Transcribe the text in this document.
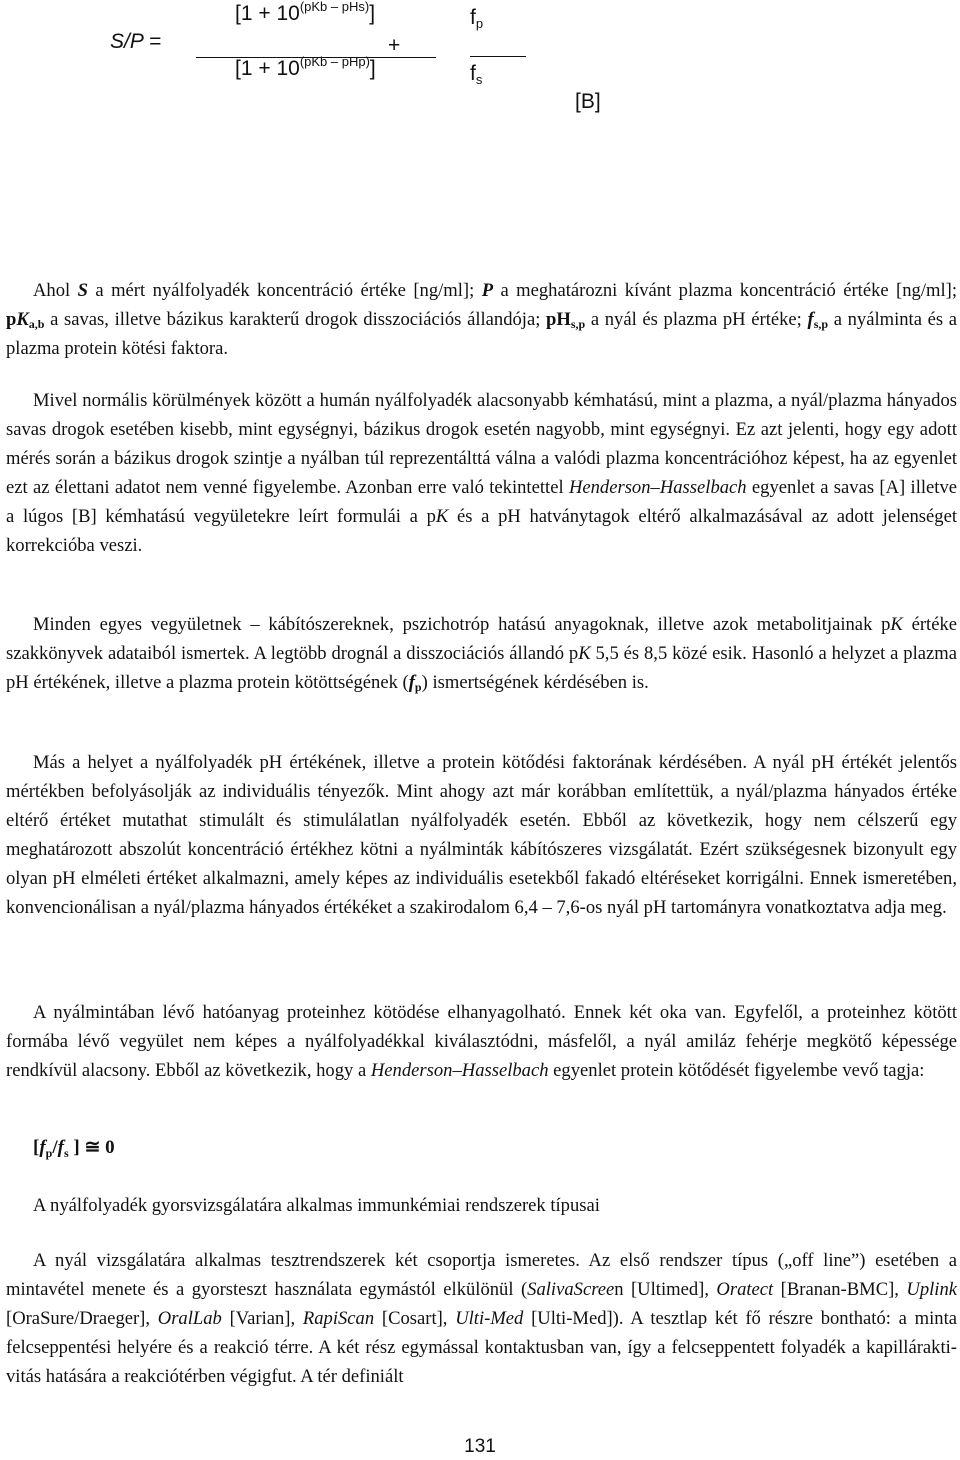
S/P =
$[1 + 10^{(pKb - pHs)}]$
+
$[1 + 10^{(pKb - pHp)}]$
$f_p$
$f_s$
[B]

Ahol S a mért nyálfolyadék koncentráció értéke [ng/ml]; P a meghatározni kívánt plazma koncentráció értéke [ng/ml]; $pK_{a,b}$ a savas, illetve bázikus karakterű drogok disszociációs állandója; $pH_{s,p}$ a nyál és plazma pH értéke; $f_{s,p}$ a nyálminta és a plazma protein kötési faktora.

Mivel normális körülmények között a humán nyálfolyadék alacsonyabb kémhatású, mint a plazma, a nyál/plazma hányados savas drogok esetében kisebb, mint egységnyi, bázikus drogok esetén nagyobb, mint egységnyi. Ez azt jelenti, hogy egy adott mérés során a bázikus drogok szintje a nyálban túl reprezentálttá válna a valódi plazma koncentrációhoz képest, ha az egyenlet ezt az élettani adatot nem venné figyelembe. Azonban erre való tekintettel Henderson–Hasselbach egyenlet a savas [A] illetve a lúgos [B] kémhatású vegyületekre leírt formulái a pK és a pH hatványtagok eltérő alkalmazásával az adott jelenséget korrekcióba veszi.

Minden egyes vegyületnek – kábítószereknek, pszichotróp hatású anyagoknak, illetve azok metabolitjainak pK értéke szakkönyvek adataiból ismertek. A legtöbb drognál a disszociációs állandó pK 5,5 és 8,5 közé esik. Hasonló a helyzet a plazma pH értékének, illetve a plazma protein kötöttségének $(f_p)$ ismertségének kérdésében is.

Más a helyet a nyálfolyadék pH értékének, illetve a protein kötődési faktorának kérdésében. A nyál pH értékét jelentős mértékben befolyásolják az individuális tényezők. Mint ahogy azt már korábban említettük, a nyál/plazma hányados értéke eltérő értéket mutathat stimulált és stimulálatlan nyálfolyadék esetén. Ebből az következik, hogy nem célszerű egy meghatározott abszolút koncentráció értékhez kötni a nyálminták kábítószeres vizsgálatát. Ezért szükségesnek bizonyult egy olyan pH elméleti értéket alkalmazni, amely képes az individuális esetekből fakadó eltéréseket korrigálni. Ennek ismeretében, konvencionálisan a nyál/plazma hányados értékéket a szakirodalom 6,4 – 7,6-os nyál pH tartományra vonatkoztatva adja meg.

A nyálmintában lévő hatóanyag proteinhez kötödése elhanyagolható. Ennek két oka van. Egyfelől, a proteinhez kötött formába lévő vegyület nem képes a nyálfolyadékkal kiválasztódni, másfelől, a nyál amiláz fehérje megkötő képessége rendkívül alacsony. Ebből az következik, hogy a Henderson–Hasselbach egyenlet protein kötődését figyelembe vevő tagja:

[$f_p/f_s$ ] ≅ 0
A nyálfolyadék gyorsvizsgálatára alkalmas immunkémiai rendszerek típusai

A nyál vizsgálatára alkalmas tesztrendszerek két csoportja ismeretes. Az első rendszer típus („off line”) esetében a mintavétel menete és a gyorsteszt használata egymástól elkülönül (SalivaScreen [Ultimed], Oratect [Branan-BMC], Uplink [OraSure/Draeger], OralLab [Varian], RapiScan [Cosart], Ulti-Med [Ulti-Med]). A tesztlap két fő részre bontható: a minta felcseppentési helyére és a reakció térre. A két rész egymással kontaktusban van, így a felcseppentett folyadék a kapilláraktivitás hatására a reakciótérben végigfut. A tér definiált

131
